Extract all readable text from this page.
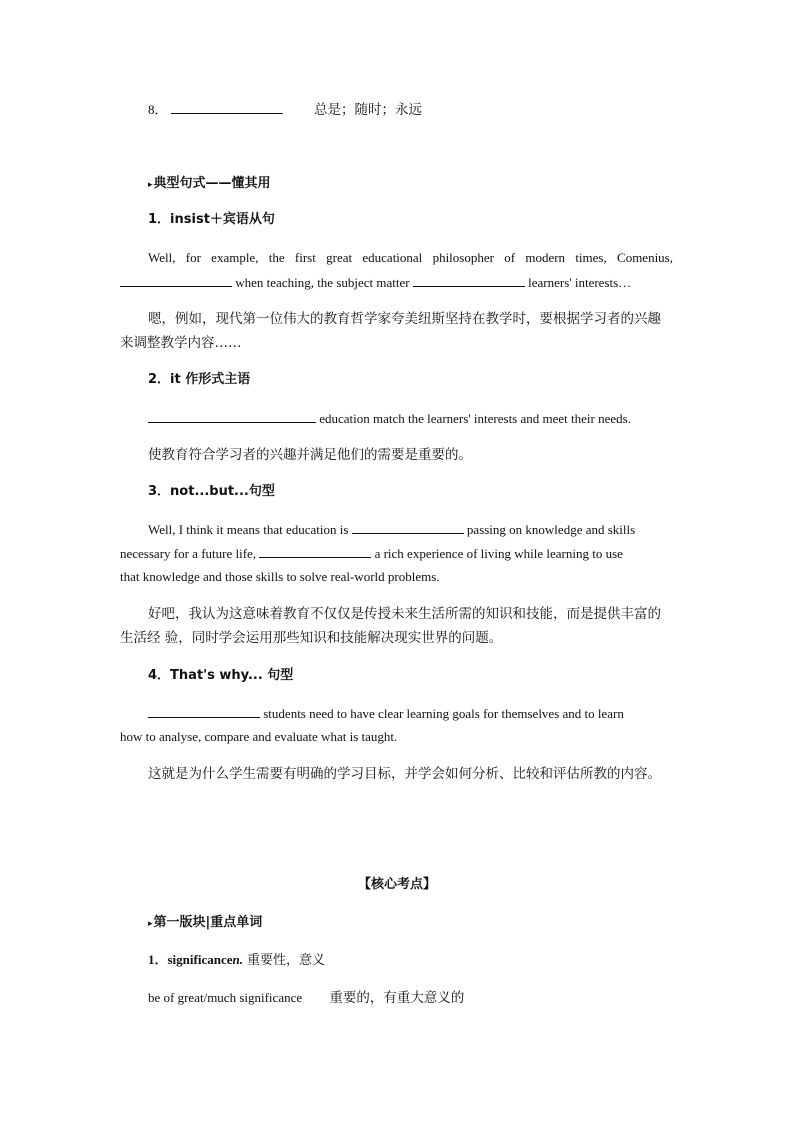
8．	总是；随时；永远
▸典型句式——懂其用
1．insist＋宾语从句
Well, for example, the first great educational philosopher of modern times, Comenius,
when teaching, the subject matter	learners' interests…
嗯，例如，现代第一位伟大的教育哲学家夸美纽斯坚持在教学时，要根据学习者的兴趣
来调整教学内容……
2．it 作形式主语
education match the learners' interests and meet their needs.
使教育符合学习者的兴趣并满足他们的需要是重要的。
3．not...but...句型
Well, I think it means that education is	passing on knowledge and skills
necessary for a future life,	a rich experience of living while learning to use
that knowledge and those skills to solve real-world problems.
好吧，我认为这意味着教育不仅仅是传授未来生活所需的知识和技能，而是提供丰富的
生活经 验，同时学会运用那些知识和技能解决现实世界的问题。
4．That's why... 句型
students need to have clear learning goals for themselves and to learn
how to analyse, compare and evaluate what is taught.
这就是为什么学生需要有明确的学习目标，并学会如何分析、比较和评估所教的内容。
【核心考点】
▸第一版块|重点单词
1．significancen. 重要性，意义
be of great/much significance 重要的，有重大意义的
